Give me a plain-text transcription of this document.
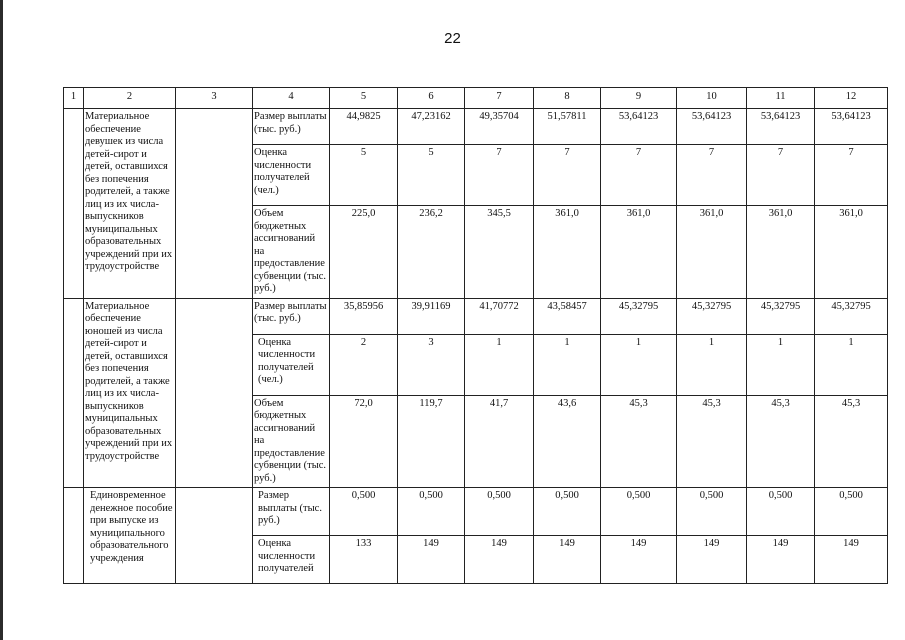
22
1	2	3	4	5	6	7	8	9	10	11	12
	Материальное обеспечение девушек из числа детей-сирот и детей, оставшихся без попечения родителей, а также лиц из их числа-выпускников муниципальных образовательных учреждений при их трудоустройстве		Размер выплаты (тыс. руб.)	44,9825	47,23162	49,35704	51,57811	53,64123	53,64123	53,64123	53,64123
			Оценка численности получателей (чел.)	5	5	7	7	7	7	7	7
			Объем бюджетных ассигнований на предоставление субвенции (тыс. руб.)	225,0	236,2	345,5	361,0	361,0	361,0	361,0	361,0
	Материальное обеспечение юношей из числа детей-сирот и детей, оставшихся без попечения родителей, а также лиц из их числа-выпускников муниципальных образовательных учреждений при их трудоустройстве		Размер выплаты (тыс. руб.)	35,85956	39,91169	41,70772	43,58457	45,32795	45,32795	45,32795	45,32795
			Оценка численности получателей (чел.)	2	3	1	1	1	1	1	1
			Объем бюджетных ассигнований на предоставление субвенции (тыс. руб.)	72,0	119,7	41,7	43,6	45,3	45,3	45,3	45,3
	Единовременное денежное пособие при выпуске из муниципального образовательного учреждения		Размер выплаты (тыс. руб.)	0,500	0,500	0,500	0,500	0,500	0,500	0,500	0,500
			Оценка численности получателей	133	149	149	149	149	149	149	149
